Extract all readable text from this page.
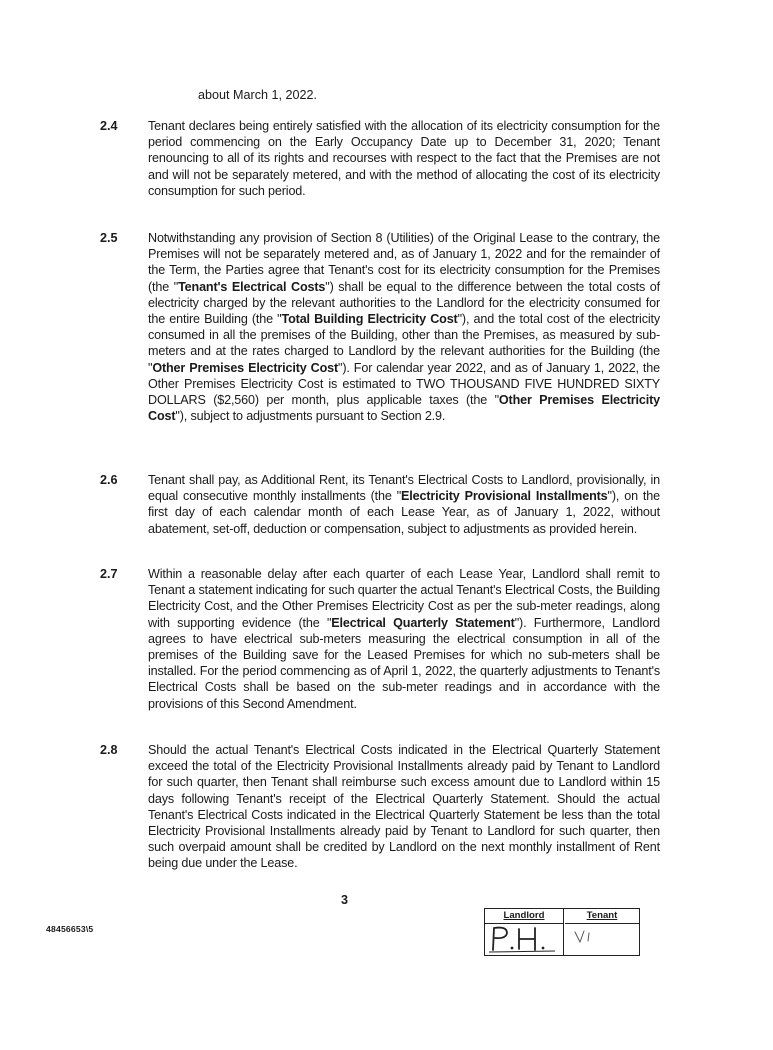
about March 1, 2022.
2.4	Tenant declares being entirely satisfied with the allocation of its electricity consumption for the period commencing on the Early Occupancy Date up to December 31, 2020; Tenant renouncing to all of its rights and recourses with respect to the fact that the Premises are not and will not be separately metered, and with the method of allocating the cost of its electricity consumption for such period.
2.5	Notwithstanding any provision of Section 8 (Utilities) of the Original Lease to the contrary, the Premises will not be separately metered and, as of January 1, 2022 and for the remainder of the Term, the Parties agree that Tenant's cost for its electricity consumption for the Premises (the "Tenant's Electrical Costs") shall be equal to the difference between the total costs of electricity charged by the relevant authorities to the Landlord for the electricity consumed for the entire Building (the "Total Building Electricity Cost"), and the total cost of the electricity consumed in all the premises of the Building, other than the Premises, as measured by sub-meters and at the rates charged to Landlord by the relevant authorities for the Building (the "Other Premises Electricity Cost"). For calendar year 2022, and as of January 1, 2022, the Other Premises Electricity Cost is estimated to TWO THOUSAND FIVE HUNDRED SIXTY DOLLARS ($2,560) per month, plus applicable taxes (the "Other Premises Electricity Cost"), subject to adjustments pursuant to Section 2.9.
2.6	Tenant shall pay, as Additional Rent, its Tenant's Electrical Costs to Landlord, provisionally, in equal consecutive monthly installments (the "Electricity Provisional Installments"), on the first day of each calendar month of each Lease Year, as of January 1, 2022, without abatement, set-off, deduction or compensation, subject to adjustments as provided herein.
2.7	Within a reasonable delay after each quarter of each Lease Year, Landlord shall remit to Tenant a statement indicating for such quarter the actual Tenant's Electrical Costs, the Building Electricity Cost, and the Other Premises Electricity Cost as per the sub-meter readings, along with supporting evidence (the "Electrical Quarterly Statement"). Furthermore, Landlord agrees to have electrical sub-meters measuring the electrical consumption in all of the premises of the Building save for the Leased Premises for which no sub-meters shall be installed. For the period commencing as of April 1, 2022, the quarterly adjustments to Tenant's Electrical Costs shall be based on the sub-meter readings and in accordance with the provisions of this Second Amendment.
2.8	Should the actual Tenant's Electrical Costs indicated in the Electrical Quarterly Statement exceed the total of the Electricity Provisional Installments already paid by Tenant to Landlord for such quarter, then Tenant shall reimburse such excess amount due to Landlord within 15 days following Tenant's receipt of the Electrical Quarterly Statement. Should the actual Tenant's Electrical Costs indicated in the Electrical Quarterly Statement be less than the total Electricity Provisional Installments already paid by Tenant to Landlord for such quarter, then such overpaid amount shall be credited by Landlord on the next monthly installment of Rent being due under the Lease.
3
48456653\5
Landlord	Tenant
